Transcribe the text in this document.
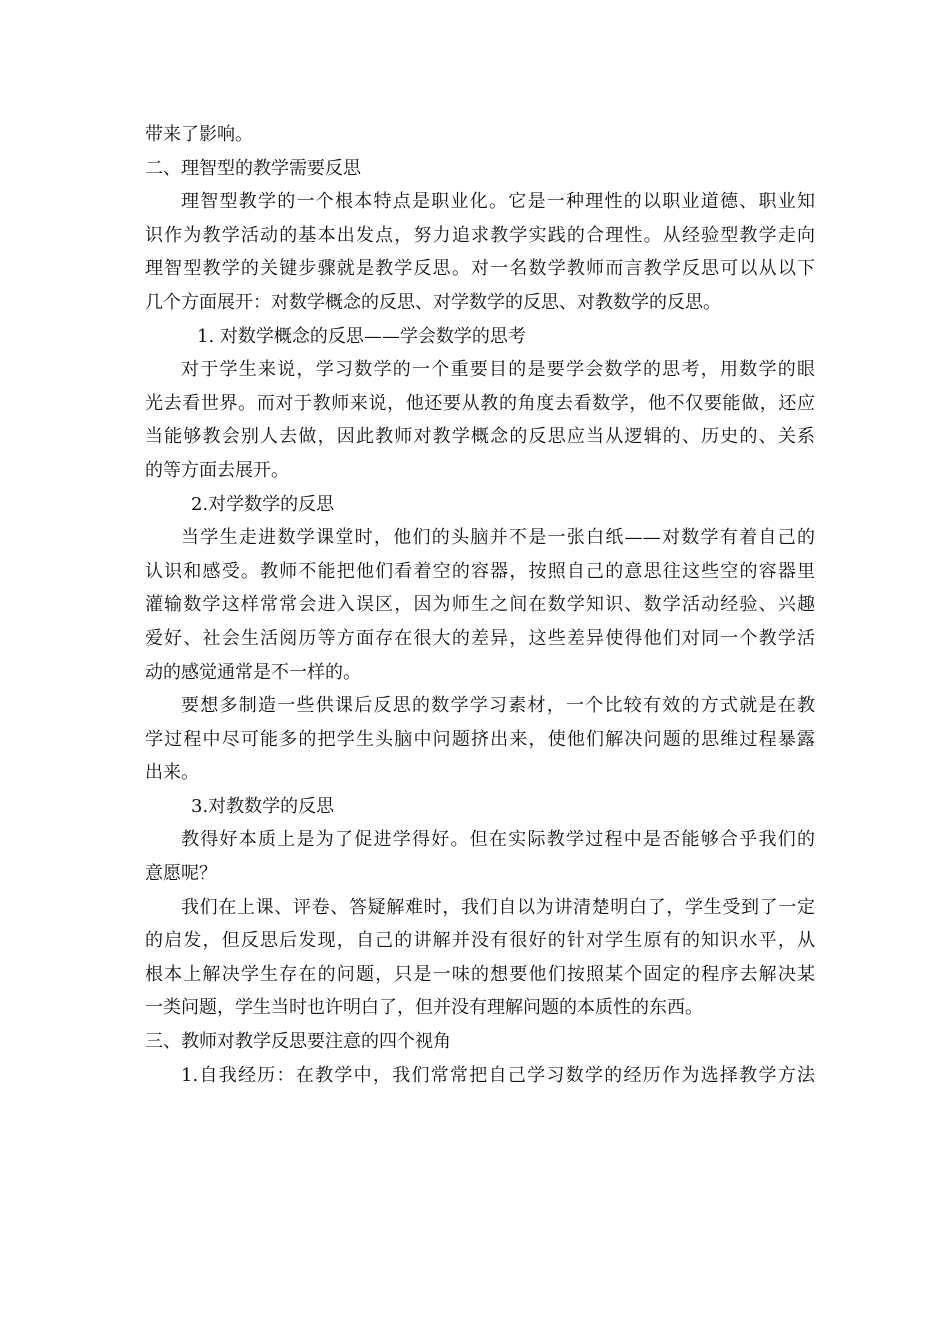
带来了影响。
二、理智型的教学需要反思
理智型教学的一个根本特点是职业化。它是一种理性的以职业道德、职业知
识作为教学活动的基本出发点，努力追求教学实践的合理性。从经验型教学走向
理智型教学的关键步骤就是教学反思。对一名数学教师而言教学反思可以从以下
几个方面展开：对数学概念的反思、对学数学的反思、对教数学的反思。
1. 对数学概念的反思——学会数学的思考
对于学生来说，学习数学的一个重要目的是要学会数学的思考，用数学的眼
光去看世界。而对于教师来说，他还要从教的角度去看数学，他不仅要能做，还应
当能够教会别人去做，因此教师对教学概念的反思应当从逻辑的、历史的、关系
的等方面去展开。
2.对学数学的反思
当学生走进数学课堂时，他们的头脑并不是一张白纸——对数学有着自己的
认识和感受。教师不能把他们看着空的容器，按照自己的意思往这些空的容器里
灌输数学这样常常会进入误区，因为师生之间在数学知识、数学活动经验、兴趣
爱好、社会生活阅历等方面存在很大的差异，这些差异使得他们对同一个教学活
动的感觉通常是不一样的。
要想多制造一些供课后反思的数学学习素材，一个比较有效的方式就是在教
学过程中尽可能多的把学生头脑中问题挤出来，使他们解决问题的思维过程暴露
出来。
3.对教数学的反思
教得好本质上是为了促进学得好。但在实际教学过程中是否能够合乎我们的
意愿呢？
我们在上课、评卷、答疑解难时，我们自以为讲清楚明白了，学生受到了一定
的启发，但反思后发现，自己的讲解并没有很好的针对学生原有的知识水平，从
根本上解决学生存在的问题，只是一味的想要他们按照某个固定的程序去解决某
一类问题，学生当时也许明白了，但并没有理解问题的本质性的东西。
三、教师对教学反思要注意的四个视角
1.自我经历：在教学中，我们常常把自己学习数学的经历作为选择教学方法
